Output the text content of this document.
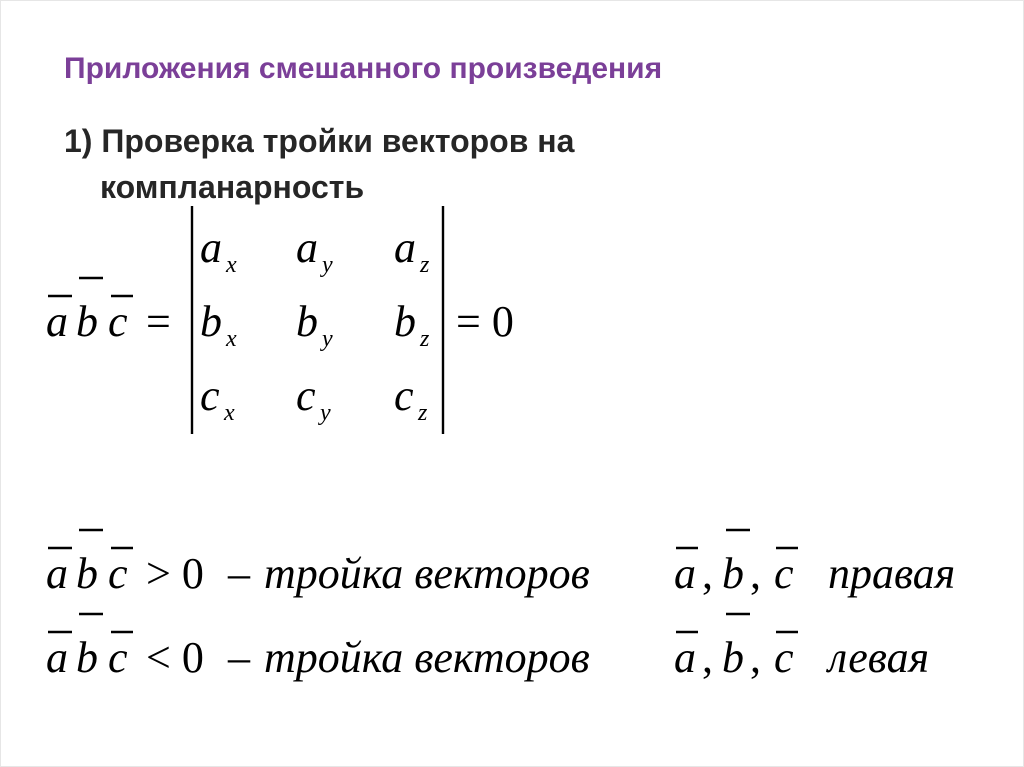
Приложения смешанного произведения
1) Проверка тройки векторов на
компланарность
a b c =
a x a y a z
b x b y b z
c x c y c z
= 0
a b c > 0 – тройка векторов a , b , c правая
a b c < 0 – тройка векторов a , b , c левая
